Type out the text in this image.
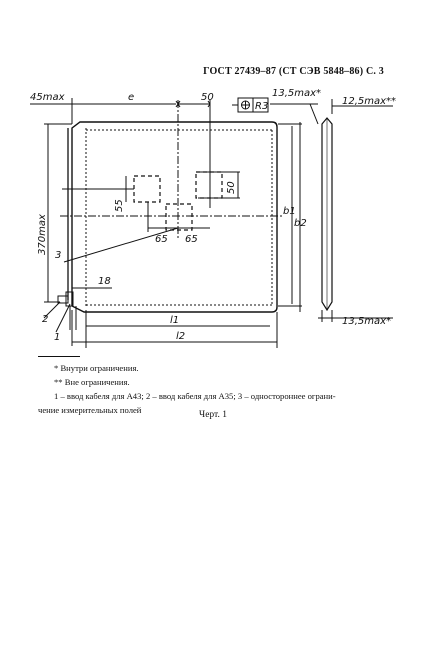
ГОСТ 27439–87 (СТ СЭВ 5848–86) С. 3
45max	e	50
R3
13,5max*
12,5max**
370max
55
50
65 65
b1
b2
3
18
2
1
l1
l2
13,5max*
* Внутри ограничения.
** Вне ограничения.
1 – ввод кабеля для А43; 2 – ввод кабеля для А35; 3 – одностороннее ограни-
чение измерительных полей	Черт. 1
